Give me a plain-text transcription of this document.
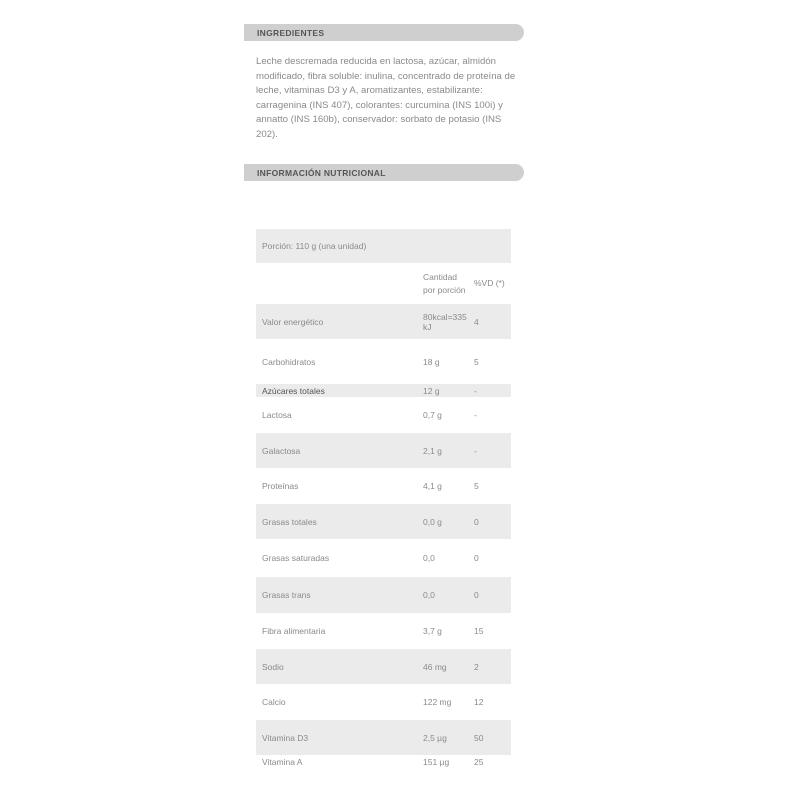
INGREDIENTES

Leche descremada reducida en lactosa, azúcar, almidón modificado, fibra soluble: inulina, concentrado de proteína de leche, vitaminas D3 y A, aromatizantes, estabilizante: carragenina (INS 407), colorantes: curcumina (INS 100i) y annatto (INS 160b), conservador: sorbato de potasio (INS 202).

INFORMACIÓN NUTRICIONAL
Porción: 110 g (una unidad)		
	Cantidad por porción	%VD (*)
Valor energético	80kcal=335 kJ	4
Carbohidratos	18 g	5
Azúcares totales	12 g	-
Lactosa	0,7 g	-
Galactosa	2,1 g	-
Proteínas	4,1 g	5
Grasas totales	0,0 g	0
Grasas saturadas	0,0	0
Grasas trans	0,0	0
Fibra alimentaria	3,7 g	15
Sodio	46 mg	2
Calcio	122 mg	12
Vitamina D3	2,5 µg	50
Vitamina A	151 µg	25
